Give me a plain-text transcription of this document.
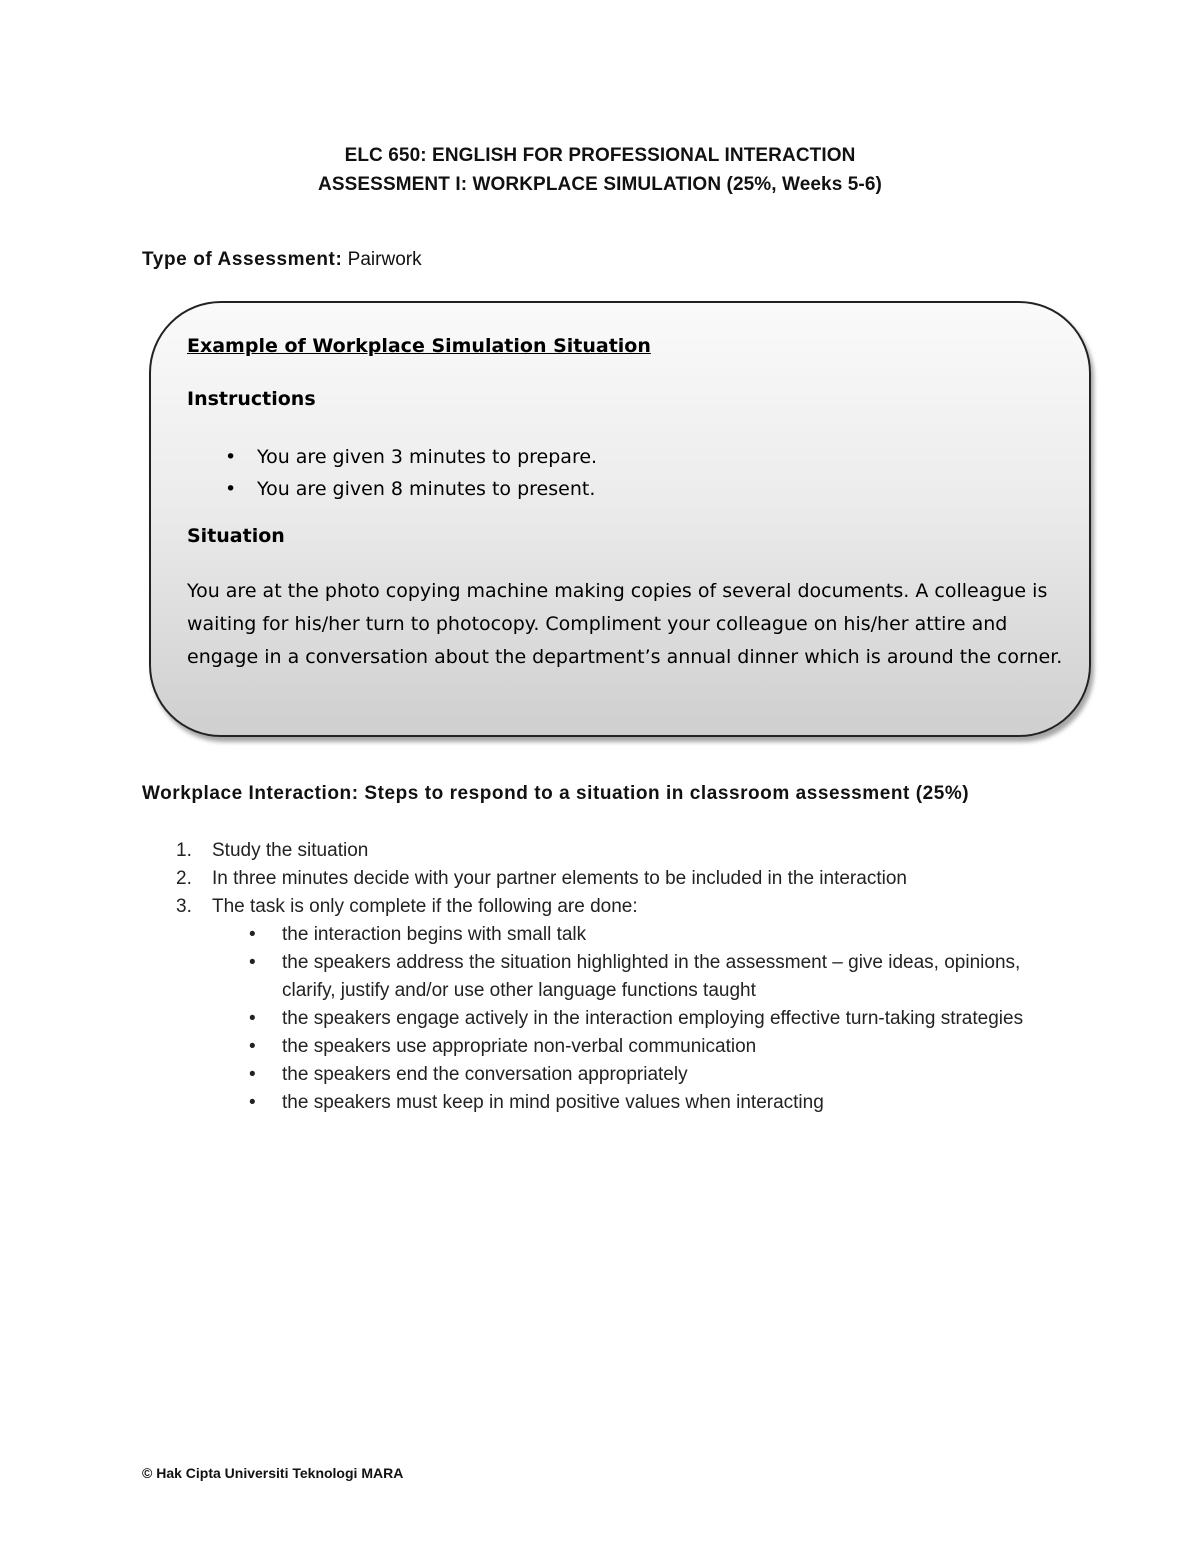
ELC 650: ENGLISH FOR PROFESSIONAL INTERACTION
ASSESSMENT I: WORKPLACE SIMULATION (25%, Weeks 5-6)
Type of Assessment: Pairwork
Example of Workplace Simulation Situation
Instructions
• You are given 3 minutes to prepare.
• You are given 8 minutes to present.
Situation
You are at the photo copying machine making copies of several documents. A colleague is waiting for his/her turn to photocopy. Compliment your colleague on his/her attire and engage in a conversation about the department’s annual dinner which is around the corner.
Workplace Interaction: Steps to respond to a situation in classroom assessment (25%)
1. Study the situation
2. In three minutes decide with your partner elements to be included in the interaction
3. The task is only complete if the following are done:
• the interaction begins with small talk
• the speakers address the situation highlighted in the assessment – give ideas, opinions, clarify, justify and/or use other language functions taught
• the speakers engage actively in the interaction employing effective turn-taking strategies
• the speakers use appropriate non-verbal communication
• the speakers end the conversation appropriately
• the speakers must keep in mind positive values when interacting
© Hak Cipta Universiti Teknologi MARA
